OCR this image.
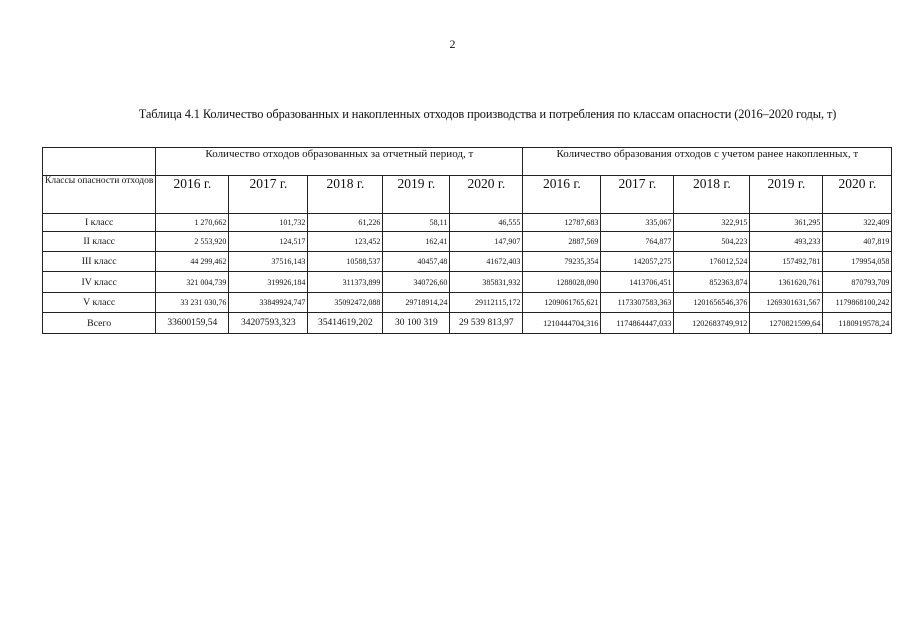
2
Таблица 4.1 Количество образованных и накопленных отходов производства и потребления по классам опасности (2016–2020 годы, т)
	Количество отходов образованных за отчетный период, т					Количество образования отходов с учетом ранее накопленных, т				
Классы опасности отходов	2016 г.	2017 г.	2018 г.	2019 г.	2020 г.	2016 г.	2017 г.	2018 г.	2019 г.	2020 г.
I класс	1 270,662	101,732	61,226	58,11	46,555	12787,683	335,067	322,915	361,295	322,409
II класс	2 553,920	124,517	123,452	162,41	147,907	2887,569	764,877	504,223	493,233	407,819
III класс	44 299,462	37516,143	10588,537	40457,48	41672,403	79235,354	142057,275	176012,524	157492,781	179954,058
IV класс	321 004,739	319926,184	311373,899	340726,60	385831,932	1288028,090	1413706,451	852363,874	1361620,761	870793,709
V класс	33 231 030,76	33849924,747	35092472,088	29718914,24	29112115,172	1209061765,621	1173307583,363	1201656546,376	1269301631,567	1179868100,242
Всего	33600159,54	34207593,323	35414619,202	30 100 319	29 539 813,97	1210444704,316	1174864447,033	1202683749,912	1270821599,64	1180919578,24
